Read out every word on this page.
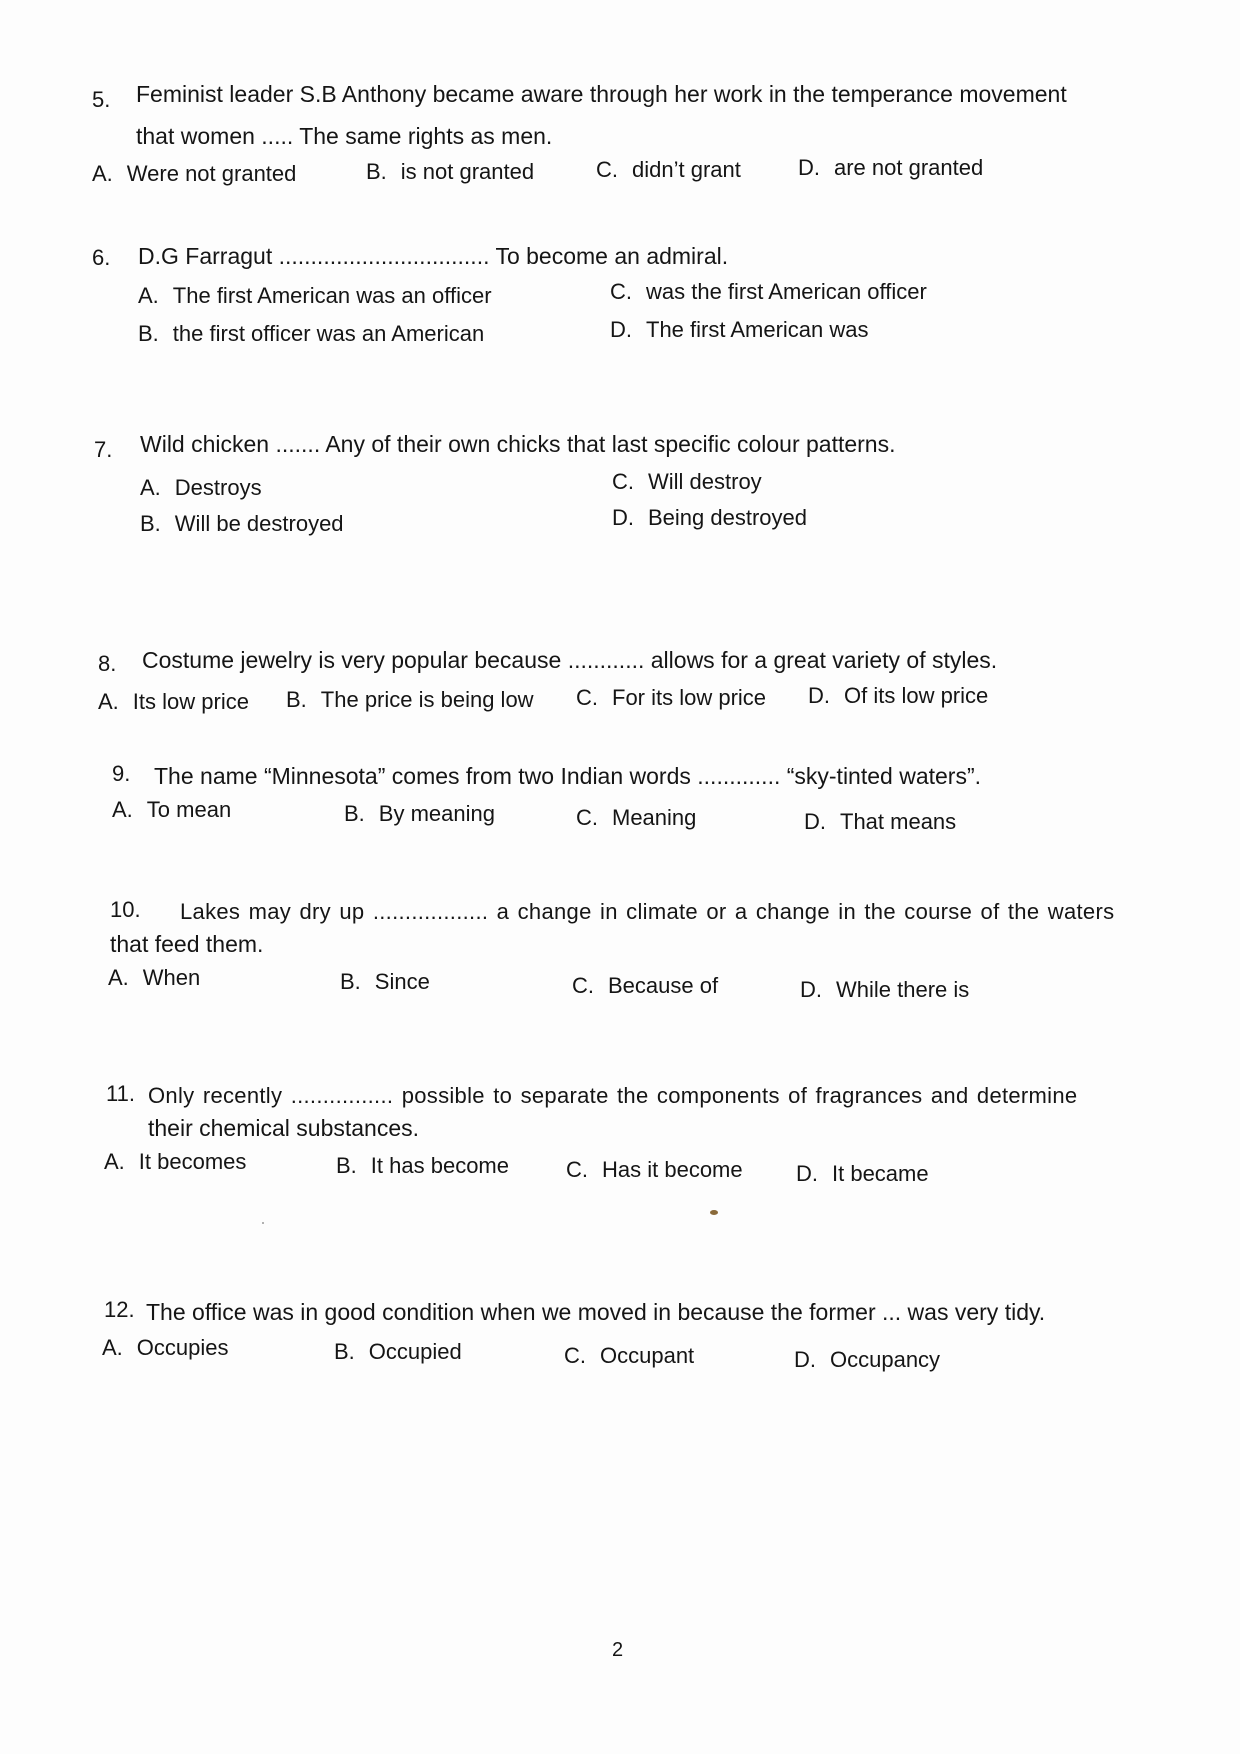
5. Feminist leader S.B Anthony became aware through her work in the temperance movement
that women ..... The same rights as men.
A. Were not granted	B. is not granted	C. didn’t grant	D. are not granted
6. D.G Farragut ................................. To become an admiral.
A. The first American was an officer
B. the first officer was an American
C. was the first American officer
D. The first American was
7. Wild chicken ....... Any of their own chicks that last specific colour patterns.
A. Destroys
B. Will be destroyed
C. Will destroy
D. Being destroyed
8. Costume jewelry is very popular because ............ allows for a great variety of styles.
A. Its low price B. The price is being low C. For its low price D. Of its low price
9. The name “Minnesota” comes from two Indian words ............. “sky-tinted waters”.
A. To mean	B. By meaning	C. Meaning	D. That means
10. Lakes may dry up .................. a change in climate or a change in the course of the waters
that feed them.
A. When	B. Since	C. Because of	D. While there is
11. Only recently ................ possible to separate the components of fragrances and determine
their chemical substances.
A. It becomes	B. It has become	C. Has it become D. It became
12. The office was in good condition when we moved in because the former ... was very tidy.
A. Occupies	B. Occupied	C. Occupant	D. Occupancy
2
